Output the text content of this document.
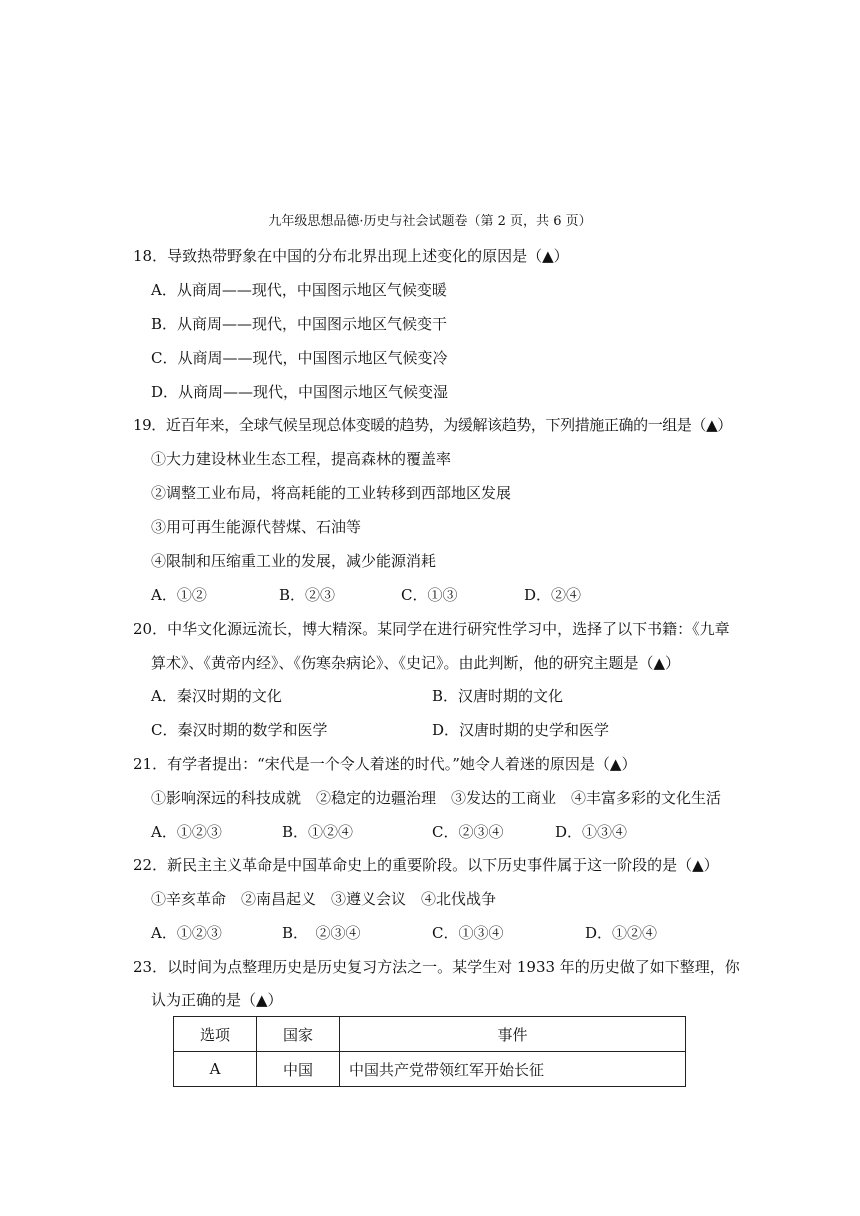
九年级思想品德·历史与社会试题卷（第 2 页，共 6 页）
18．导致热带野象在中国的分布北界出现上述变化的原因是（▲）
A．从商周——现代，中国图示地区气候变暖
B．从商周——现代，中国图示地区气候变干
C．从商周——现代，中国图示地区气候变冷
D．从商周——现代，中国图示地区气候变湿
19．近百年来，全球气候呈现总体变暖的趋势，为缓解该趋势，下列措施正确的一组是（▲）
①大力建设林业生态工程，提高森林的覆盖率
②调整工业布局，将高耗能的工业转移到西部地区发展
③用可再生能源代替煤、石油等
④限制和压缩重工业的发展，减少能源消耗
A．①②	B．②③	C．①③	D．②④
20．中华文化源远流长，博大精深。某同学在进行研究性学习中，选择了以下书籍：《九章
算术》、《黄帝内经》、《伤寒杂病论》、《史记》。由此判断，他的研究主题是（▲）
A．秦汉时期的文化	B．汉唐时期的文化
C．秦汉时期的数学和医学	D．汉唐时期的史学和医学
21．有学者提出：“宋代是一个令人着迷的时代。”她令人着迷的原因是（▲）
①影响深远的科技成就　②稳定的边疆治理　③发达的工商业　④丰富多彩的文化生活
A．①②③	B．①②④	C．②③④	D．①③④
22．新民主主义革命是中国革命史上的重要阶段。以下历史事件属于这一阶段的是（▲）
①辛亥革命　②南昌起义　③遵义会议　④北伐战争
A．①②③	B．　②③④	C．①③④	D．①②④
23．以时间为点整理历史是历史复习方法之一。某学生对 1933 年的历史做了如下整理，你
认为正确的是（▲）
选项	国家	事件
A	中国	中国共产党带领红军开始长征
